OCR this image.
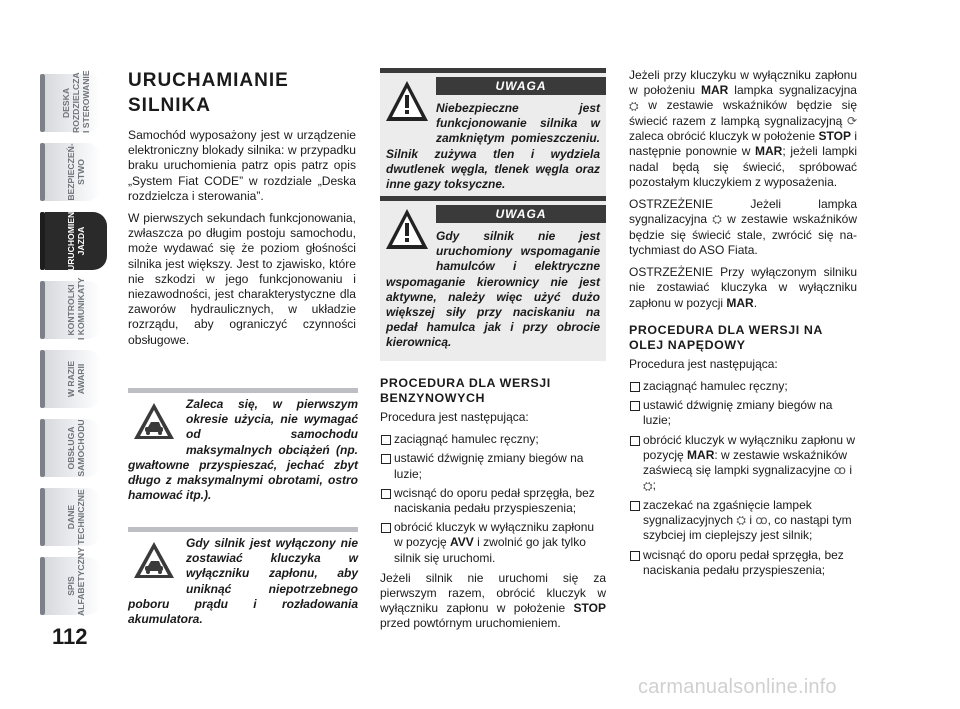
DESKA
ROZDZIELCZA
I STEROWANIE
BEZPIECZEŃ-
STWO
URUCHOMIENIE
JAZDA
KONTROLKI
I KOMUNIKATY
W RAZIE
AWARII
OBSŁUGA
SAMOCHODU
DANE
TECHNICZNE
SPIS
ALFABETYCZNY
112
URUCHAMIANIE SILNIKA

Samochód wyposażony jest w urządzenie elektroniczny blokady silnika: w przypadku braku uruchomienia patrz opis patrz opis „System Fiat CODE” w rozdziale „Deska rozdzielcza i sterowania”.

W pierwszych sekundach funkcjonowania, zwłaszcza po długim postoju samochodu, może wydawać się że poziom głośności silnika jest większy. Jest to zjawisko, które nie szkodzi w jego funkcjonowaniu i niezawodności, jest charakterystyczne dla zaworów hydraulicznych, w układzie rozrządu, aby ograniczyć czynności obsługowe.

Zaleca się, w pierwszym okresie użycia, nie wymagać od samochodu maksymalnych obciążeń (np. gwałtowne przyspieszać, jechać zbyt długo z maksymalnymi obrotami, ostro hamować itp.).
Gdy silnik jest wyłączony nie zostawiać kluczyka w wyłączniku zapłonu, aby uniknąć niepotrzebnego poboru prądu i rozładowania akumulatora.
UWAGA
Niebezpieczne jest funkcjonowanie silnika w zamkniętym pomieszczeniu. Silnik zużywa tlen i wydziela dwutlenek węgla, tlenek węgla oraz inne gazy toksyczne.
UWAGA
Gdy silnik nie jest uruchomiony wspomaganie hamulców i elektryczne wspomaganie kierownicy nie jest aktywne, należy więc użyć dużo większej siły przy naciskaniu na pedał hamulca jak i przy obrocie kierownicą.
PROCEDURA DLA WERSJI BENZYNOWYCH

Procedura jest następująca:

zaciągnąć hamulec ręczny;
ustawić dźwignię zmiany biegów na luzie;
wcisnąć do oporu pedał sprzęgła, bez naciskania pedału przyspieszenia;
obrócić kluczyk w wyłączniku zapłonu w pozycję AVV i zwolnić go jak tylko silnik się uruchomi.

Jeżeli silnik nie uruchomi się za pierwszym razem, obrócić kluczyk w wyłączniku zapłonu w położenie STOP przed powtórnym uruchomieniem.

Jeżeli przy kluczyku w wyłączniku zapłonu w położeniu MAR lampka sygnalizacyjna ⛭ w zestawie wskaźników będzie się świecić razem z lampką sygnalizacyjną ⟳ zaleca obrócić kluczyk w położenie STOP i następnie ponownie w MAR; jeżeli lampki nadal będą się świecić, spróbować pozostałym kluczykiem z wyposażenia.

OSTRZEŻENIE Jeżeli lampka sygnalizacyjna ⛭ w zestawie wskaźników będzie się świecić stale, zwrócić się na-tychmiast do ASO Fiata.

OSTRZEŻENIE Przy wyłączonym silniku nie zostawiać kluczyka w wyłączniku zapłonu w pozycji MAR.

PROCEDURA DLA WERSJI NA OLEJ NAPĘDOWY

Procedura jest następująca:

zaciągnąć hamulec ręczny;
ustawić dźwignię zmiany biegów na luzie;
obrócić kluczyk w wyłączniku zapłonu w pozycję MAR: w zestawie wskaźników zaświecą się lampki sygnalizacyjne ꝏ i ⛭;
zaczekać na zgaśnięcie lampek sygnalizacyjnych ⛭ i ꝏ, co nastąpi tym szybciej im cieplejszy jest silnik;
wcisnąć do oporu pedał sprzęgła, bez naciskania pedału przyspieszenia;
carmanualsonline.info
